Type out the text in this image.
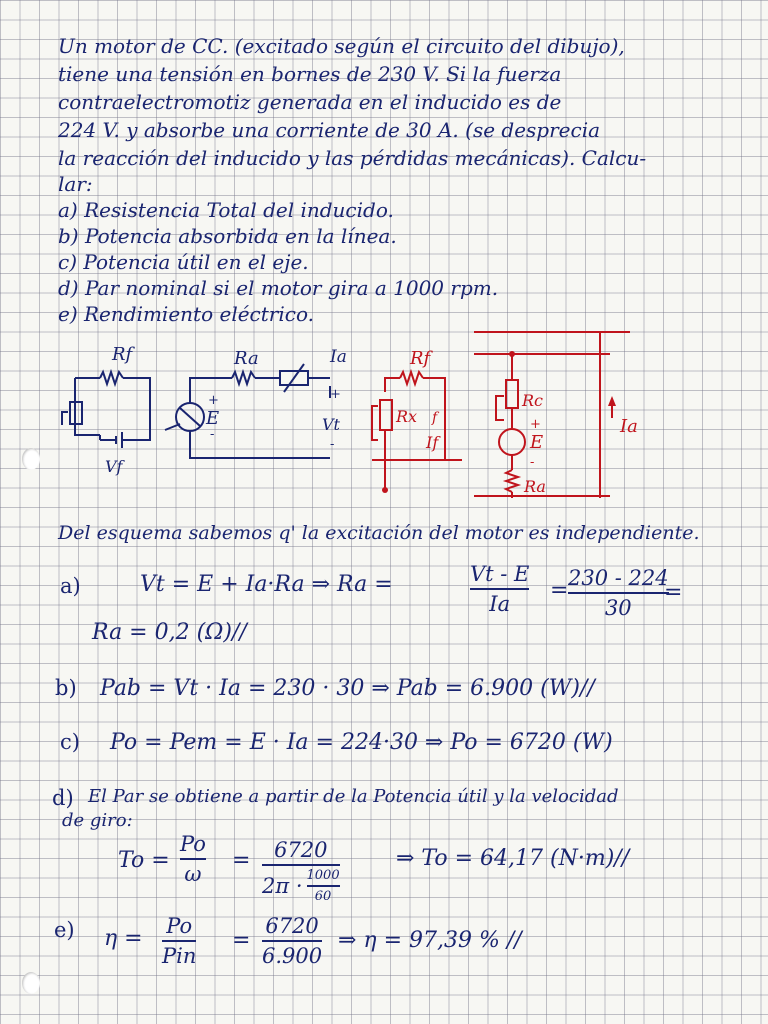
Un motor de CC. (excitado según el circuito del dibujo),
tiene una tensión en bornes de 230 V. Si la fuerza
contraelectromotiz generada en el inducido es de
224 V. y absorbe una corriente de 30 A. (se desprecia
la reacción del inducido y las pérdidas mecánicas). Calcu-
lar:
a) Resistencia Total del inducido.
b) Potencia absorbida en la línea.
c) Potencia útil en el eje.
d) Par nominal si el motor gira a 1000 rpm.
e) Rendimiento eléctrico.
Rf
Vf
Ra	Ia
E
+
-
Vt
+
-
Rf
Rx f
If
Rc
E
+
-
Ra
Ia
Del esquema sabemos q' la excitación del motor es independiente.
a)	Vt = E + Ia·Ra ⇒ Ra =	Vt - E
Ia
= 230 - 224
30
=
Ra = 0,2 (Ω)//
b) Pab = Vt · Ia = 230 · 30 ⇒ Pab = 6.900 (W)//
c) Po = Pem = E · Ia = 224·30 ⇒ Po = 6720 (W)
d) El Par se obtiene a partir de la Potencia útil y la velocidad
de giro:
To =
Po
ω
= 6720
2π · 1000
60
⇒ To = 64,17 (N·m)//
e) η = Po
Pin
=
6720
6.900
⇒ η = 97,39 % //
